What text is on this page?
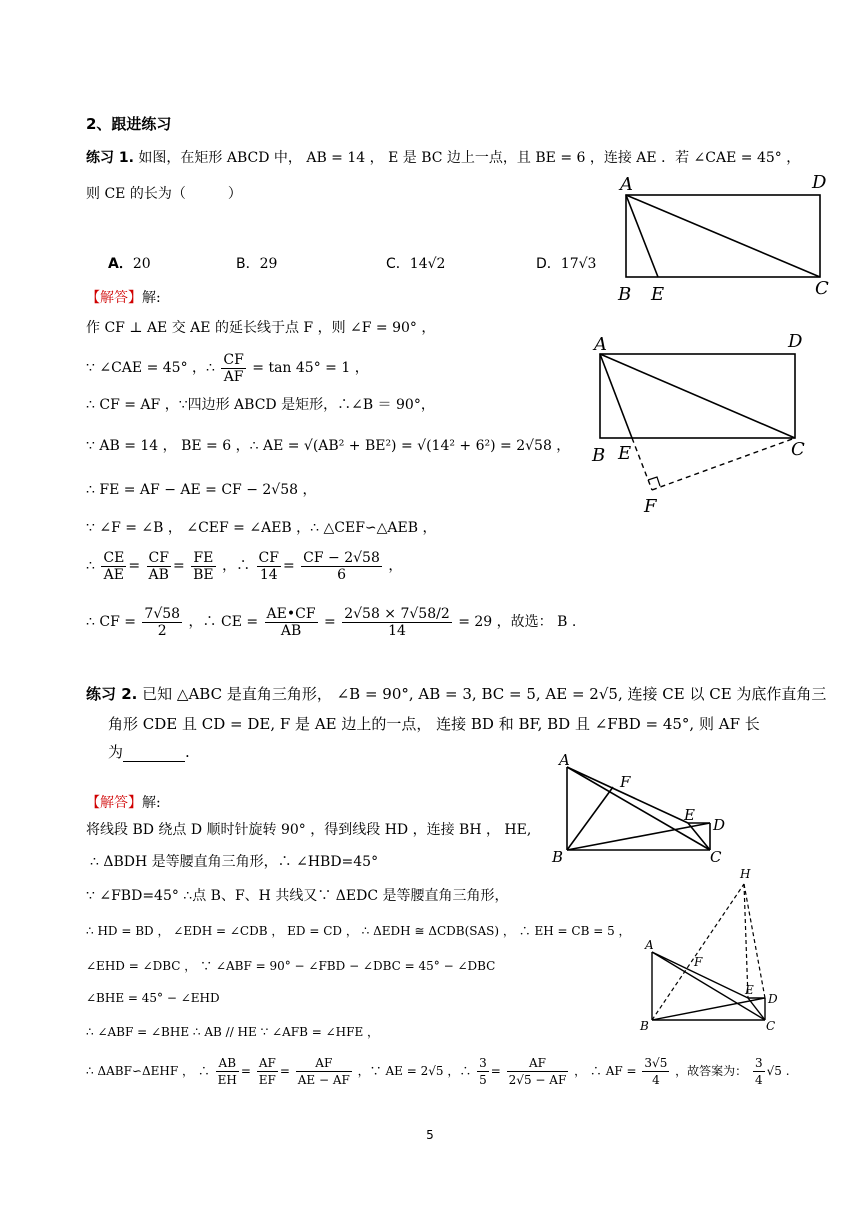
2、跟进练习
练习 1. 如图，在矩形 ABCD 中， AB = 14 ， E 是 BC 边上一点，且 BE = 6 ，连接 AE ．若 ∠CAE = 45° ，
则 CE 的长为（　　　）
A．20	B．29	C．14√2	D．17√3
【解答】解:
作 CF ⊥ AE 交 AE 的延长线于点 F ，则 ∠F = 90° ，
∵ ∠CAE = 45° ，∴ $\frac{CF}{AF} = \tan 45^\circ = 1$ ，
∴ CF = AF ，∵四边形 ABCD 是矩形，∴∠B ＝ 90°，
∵ AB = 14 ， BE = 6 ，∴ AE = √(AB² + BE²) = √(14² + 6²) = 2√58 ，
∴ FE = AF − AE = CF − 2√58 ，
∵ ∠F = ∠B ， ∠CEF = ∠AEB ，∴ △CEF∽△AEB ，
∴ $\frac{CE}{AE} = \frac{CF}{AB} = \frac{FE}{BE}$ ，∴ $\frac{CF}{14} = \frac{CF - 2√58}{6}$ ，
∴ CF = $\frac{7√58}{2}$ ，∴ CE = $\frac{AE•CF}{AB} = \frac{2√58 \times 7√58/2}{14} = 29$ ，故选： B .
练习 2. 已知 △ABC 是直角三角形， ∠B = 90°, AB = 3, BC = 5, AE = 2√5, 连接 CE 以 CE 为底作直角三
角形 CDE 且 CD = DE, F 是 AE 边上的一点， 连接 BD 和 BF, BD 且 ∠FBD = 45°, 则 AF 长
为	.
【解答】解:
将线段 BD 绕点 D 顺时针旋转 90° ，得到线段 HD ，连接 BH ， HE,
∴ ΔBDH 是等腰直角三角形，∴ ∠HBD=45°
∵ ∠FBD=45° ∴点 B、F、H 共线又∵ ΔEDC 是等腰直角三角形，
∴ HD = BD ， ∠EDH = ∠CDB ， ED = CD ， ∴ ΔEDH ≅ ΔCDB(SAS) ， ∴ EH = CB = 5 ，
∠EHD = ∠DBC ， ∵ ∠ABF = 90° − ∠FBD − ∠DBC = 45° − ∠DBC
∠BHE = 45° − ∠EHD
∴ ∠ABF = ∠BHE ∴ AB // HE ∵ ∠AFB = ∠HFE ，
∴ ΔABF∽ΔEHF ， ∴ $\frac{AB}{EH} = \frac{AF}{EF} = \frac{AF}{AE - AF}$ ，∵ AE = 2√5 ，∴ $\frac{3}{5} = \frac{AF}{2√5 - AF}$ ， ∴ AF = $\frac{3√5}{4}$ ，故答案为： $\frac{3}{4} √5$ .
A	D
B E	C
A	D
B E	C
F
A
F
E
D
B	C
H
A
F
E
D
B	C
5
